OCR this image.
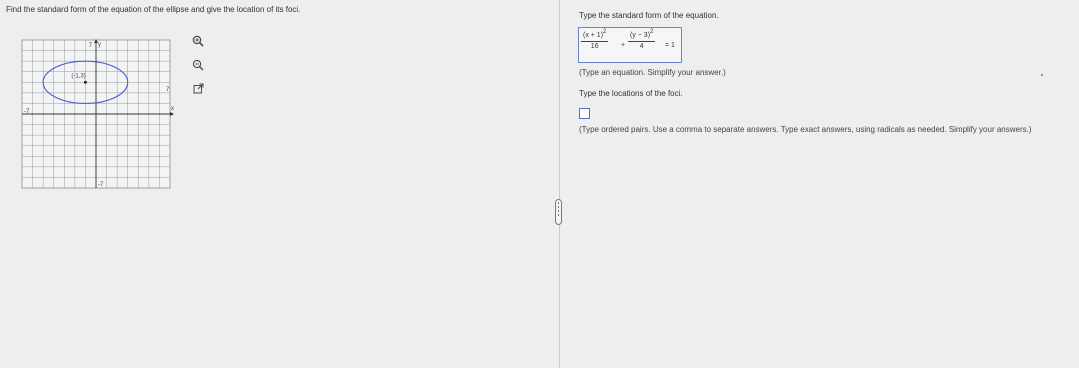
Find the standard form of the equation of the ellipse and give the location of its foci.
(-1,3)
y
7
x
-7
7
-7
Type the standard form of the equation.
$\frac{(x + 1)^2}{16} + \frac{(y - 3)^2}{4} = 1$
(Type an equation. Simplify your answer.)
Type the locations of the foci.
(Type ordered pairs. Use a comma to separate answers. Type exact answers, using radicals as needed. Simplify your answers.)
